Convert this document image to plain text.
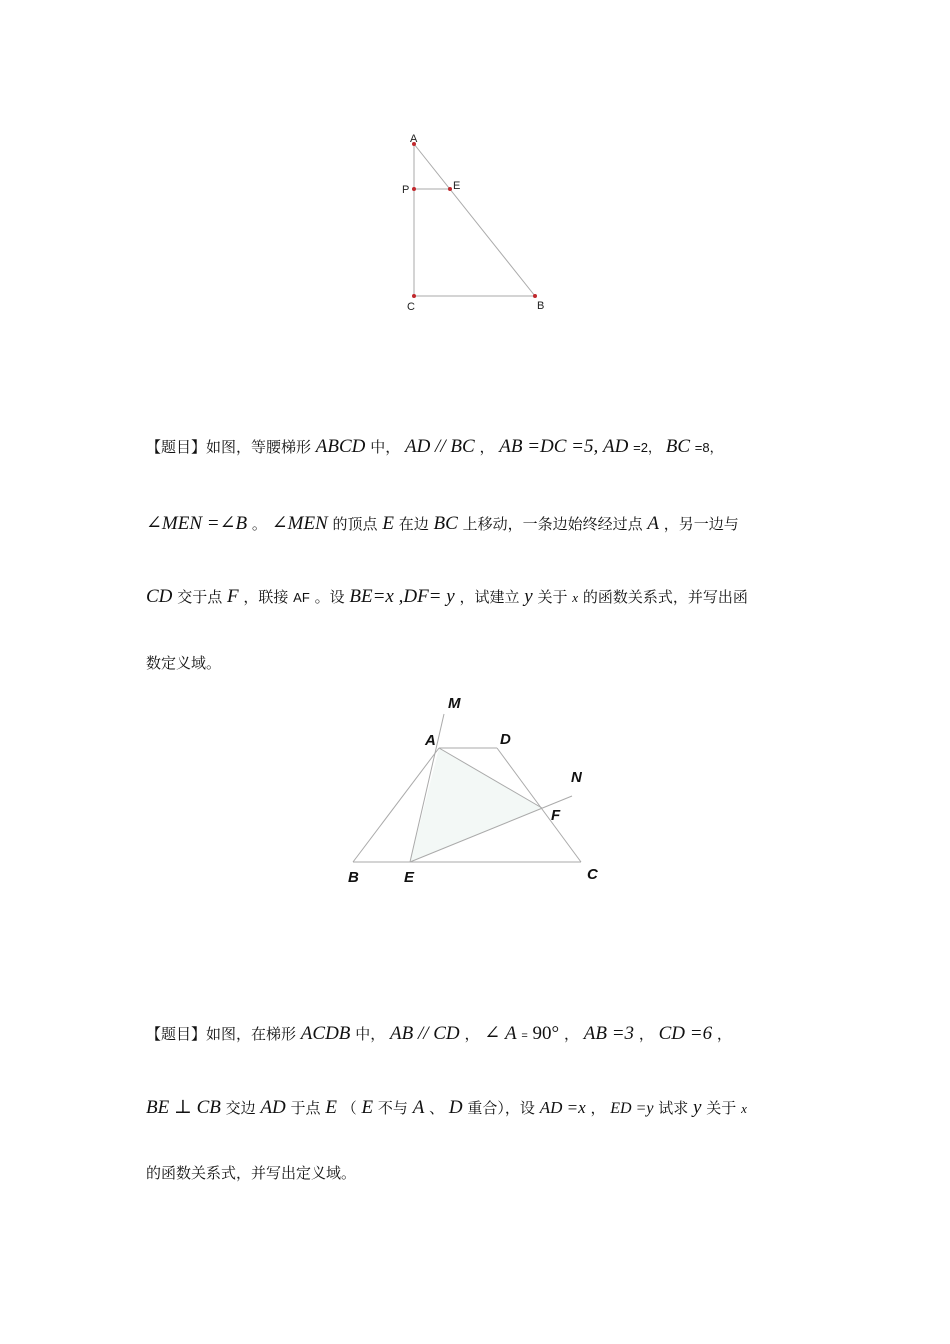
A
P	E
C	B
【题目】如图，等腰梯形 ABCD 中， AD // BC ， AB =DC =5, AD =2， BC =8，
∠MEN =∠B 。 ∠MEN 的顶点 E 在边 BC 上移动，一条边始终经过点 A ，另一边与
CD 交于点 F ，联接 AF 。设 BE=x ,DF= y ，试建立 y 关于 x 的函数关系式，并写出函
数定义域。
M
A	D
N
F
B	E	C
【题目】如图，在梯形 ACDB 中， AB // CD ， ∠ A = 90° ， AB =3 ， CD =6 ，
BE ⊥ CB 交边 AD 于点 E （ E 不与 A 、 D 重合），设 AD =x ， ED =y 试求 y 关于 x
的函数关系式，并写出定义域。
